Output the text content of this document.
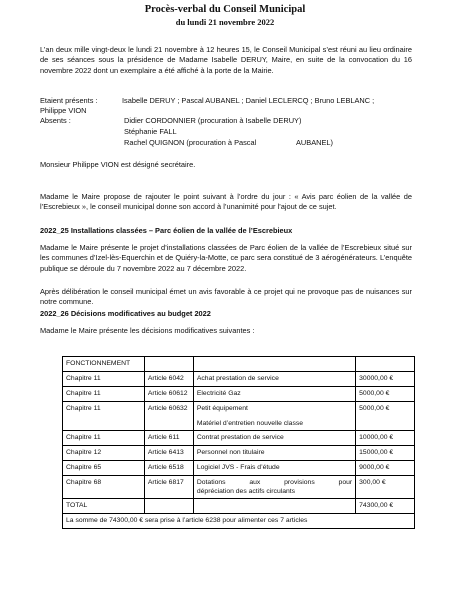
Procès-verbal du Conseil Municipal
du lundi 21 novembre 2022
L’an deux mille vingt-deux le lundi 21 novembre à 12 heures 15, le Conseil Municipal s’est réuni au lieu ordinaire de ses séances sous la présidence de Madame Isabelle DERUY, Maire, en suite de la convocation du 16 novembre 2022 dont un exemplaire a été affiché à la porte de la Mairie.
Etaient présents :	Isabelle DERUY ; Pascal AUBANEL ; Daniel LECLERCQ ; Bruno LEBLANC ;
Philippe VION
Absents :	Didier CORDONNIER (procuration à Isabelle DERUY)
Stéphanie FALL
Rachel QUIGNON (procuration à Pascal	AUBANEL)
Monsieur Philippe VION est désigné secrétaire.
Madame le Maire propose de rajouter le point suivant à l’ordre du jour : « Avis parc éolien de la vallée de l’Escrebieux », le conseil municipal donne son accord à l’unanimité pour l’ajout de ce sujet.
2022_25 Installations classées – Parc éolien de la vallée de l’Escrebieux
Madame le Maire présente le projet d’installations classées de Parc éolien de la vallée de l’Escrebieux situé sur les communes d’Izel-lès-Equerchin et de Quiéry-la-Motte, ce parc sera constitué de 3 aérogénérateurs. L’enquête publique se déroule du 7 novembre 2022 au 7 décembre 2022.
Après délibération le conseil municipal émet un avis favorable à ce projet qui ne provoque pas de nuisances sur notre commune.
2022_26 Décisions modificatives au budget 2022
Madame le Maire présente les décisions modificatives suivantes :
FONCTIONNEMENT			
Chapitre 11	Article 6042	Achat prestation de service	30000,00 €
Chapitre 11	Article 60612	Electricité Gaz	5000,00 €
Chapitre 11	Article 60632	Petit équipement
Matériel d’entretien nouvelle classe	5000,00 €
Chapitre 11	Article 611	Contrat prestation de service	10000,00 €
Chapitre 12	Article 6413	Personnel non titulaire	15000,00 €
Chapitre 65	Article 6518	Logiciel JVS - Frais d’étude	9000,00 €
Chapitre 68	Article 6817	Dotations aux provisions pour
dépréciation des actifs circulants	300,00 €
TOTAL			74300,00 €
La somme de 74300,00 € sera prise à l’article 6238 pour alimenter ces 7 articles			
